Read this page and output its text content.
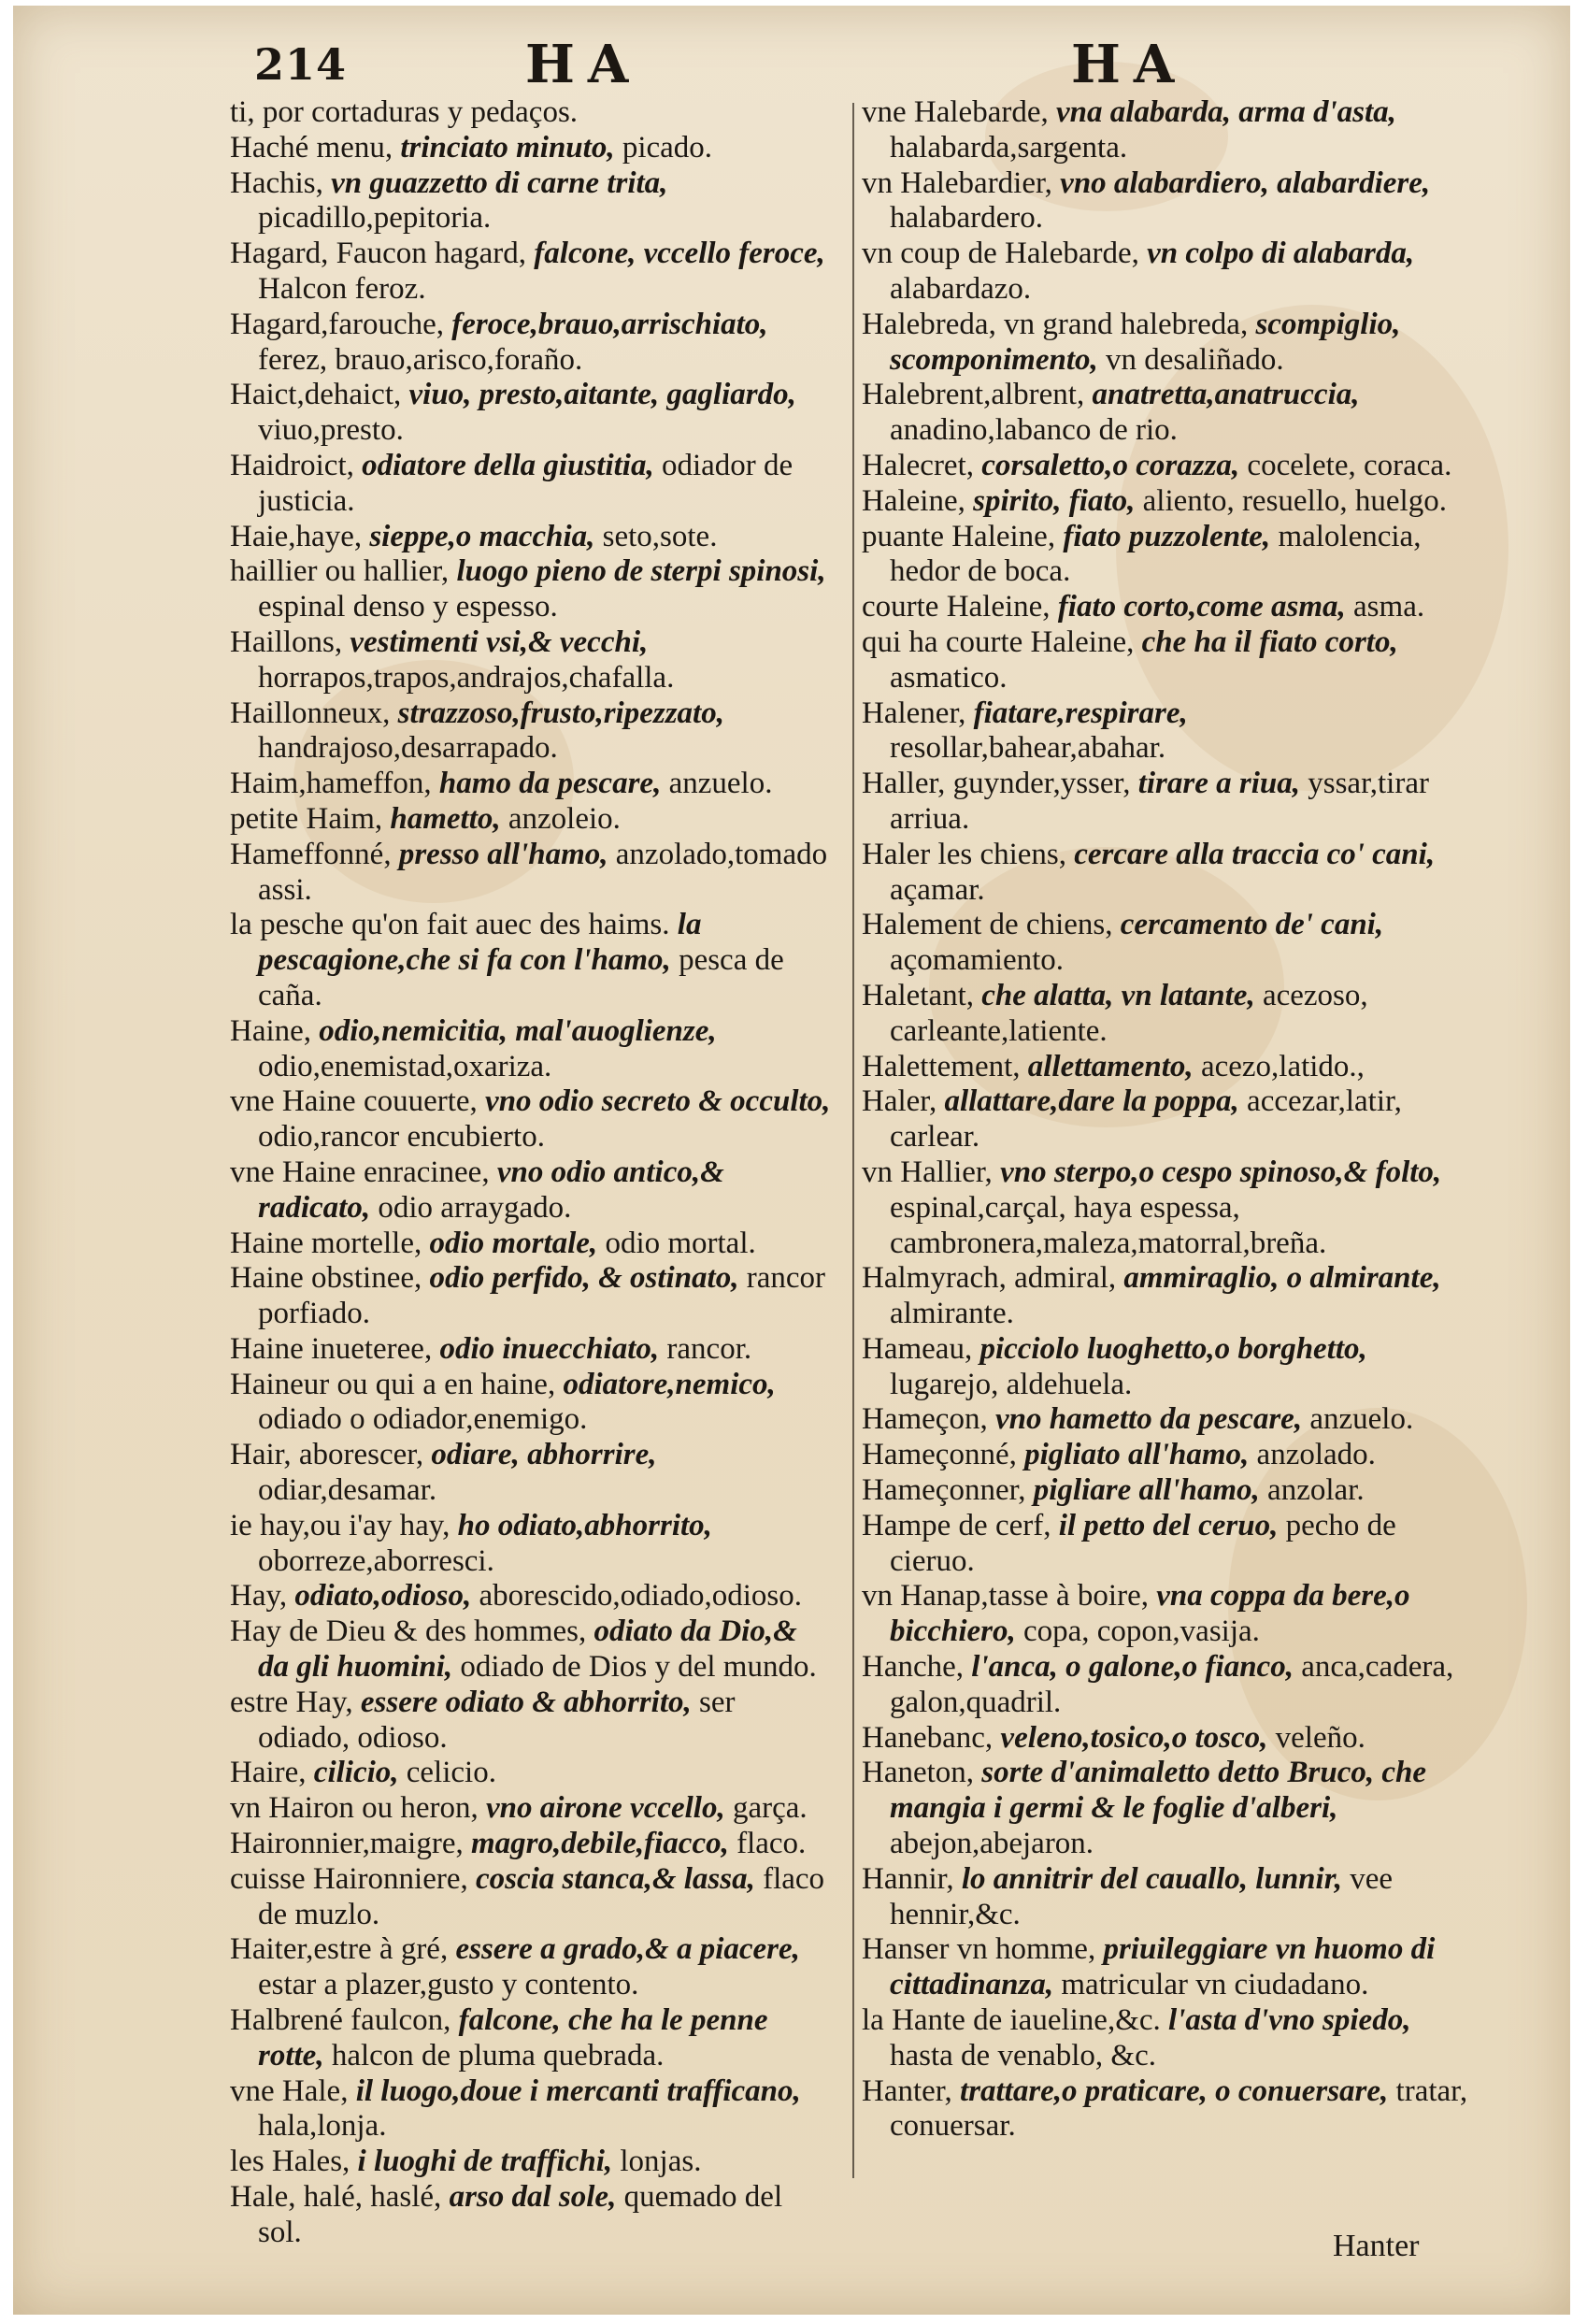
214	HA	HA

ti, por cortaduras y pedaços.

Haché menu, trinciato minuto, picado.

Hachis, vn guazzetto di carne trita, picadillo,pepitoria.

Hagard, Faucon hagard, falcone, vccello feroce, Halcon feroz.

Hagard,farouche, feroce,brauo,arrischiato, ferez, brauo,arisco,foraño.

Haict,dehaict, viuo, presto,aitante, gagliardo, viuo,presto.

Haidroict, odiatore della giustitia, odiador de justicia.

Haie,haye, sieppe,o macchia, seto,sote.

haillier ou hallier, luogo pieno de sterpi spinosi, espinal denso y espesso.

Haillons, vestimenti vsi,& vecchi, horrapos,trapos,andrajos,chafalla.

Haillonneux, strazzoso,frusto,ripezzato, handrajoso,desarrapado.

Haim,hameffon, hamo da pescare, anzuelo.

petite Haim, hametto, anzoleio.

Hameffonné, presso all'hamo, anzolado,tomado assi.

la pesche qu'on fait auec des haims. la pescagione,che si fa con l'hamo, pesca de caña.

Haine, odio,nemicitia, mal'auoglienze, odio,enemistad,oxariza.

vne Haine couuerte, vno odio secreto & occulto, odio,rancor encubierto.

vne Haine enracinee, vno odio antico,& radicato, odio arraygado.

Haine mortelle, odio mortale, odio mortal.

Haine obstinee, odio perfido, & ostinato, rancor porfiado.

Haine inueteree, odio inuecchiato, rancor.

Haineur ou qui a en haine, odiatore,nemico, odiado o odiador,enemigo.

Hair, aborescer, odiare, abhorrire, odiar,desamar.

ie hay,ou i'ay hay, ho odiato,abhorrito, oborreze,aborresci.

Hay, odiato,odioso, aborescido,odiado,odioso.

Hay de Dieu & des hommes, odiato da Dio,& da gli huomini, odiado de Dios y del mundo.

estre Hay, essere odiato & abhorrito, ser odiado, odioso.

Haire, cilicio, celicio.

vn Hairon ou heron, vno airone vccello, garça.

Haironnier,maigre, magro,debile,fiacco, flaco.

cuisse Haironniere, coscia stanca,& lassa, flaco de muzlo.

Haiter,estre à gré, essere a grado,& a piacere, estar a plazer,gusto y contento.

Halbrené faulcon, falcone, che ha le penne rotte, halcon de pluma quebrada.

vne Hale, il luogo,doue i mercanti trafficano, hala,lonja.

les Hales, i luoghi de traffichi, lonjas.

Hale, halé, haslé, arso dal sole, quemado del sol.

vne Halebarde, vna alabarda, arma d'asta, halabarda,sargenta.

vn Halebardier, vno alabardiero, alabardiere, halabardero.

vn coup de Halebarde, vn colpo di alabarda, alabardazo.

Halebreda, vn grand halebreda, scompiglio, scomponimento, vn desaliñado.

Halebrent,albrent, anatretta,anatruccia, anadino,labanco de rio.

Halecret, corsaletto,o corazza, cocelete, coraca.

Haleine, spirito, fiato, aliento, resuello, huelgo.

puante Haleine, fiato puzzolente, malolencia, hedor de boca.

courte Haleine, fiato corto,come asma, asma.

qui ha courte Haleine, che ha il fiato corto, asmatico.

Halener, fiatare,respirare, resollar,bahear,abahar.

Haller, guynder,ysser, tirare a riua, yssar,tirar arriua.

Haler les chiens, cercare alla traccia co' cani, açamar.

Halement de chiens, cercamento de' cani, açomamiento.

Haletant, che alatta, vn latante, acezoso, carleante,latiente.

Halettement, allettamento, acezo,latido.,

Haler, allattare,dare la poppa, accezar,latir, carlear.

vn Hallier, vno sterpo,o cespo spinoso,& folto, espinal,carçal, haya espessa, cambronera,maleza,matorral,breña.

Halmyrach, admiral, ammiraglio, o almirante, almirante.

Hameau, picciolo luoghetto,o borghetto, lugarejo, aldehuela.

Hameçon, vno hametto da pescare, anzuelo.

Hameçonné, pigliato all'hamo, anzolado.

Hameçonner, pigliare all'hamo, anzolar.

Hampe de cerf, il petto del ceruo, pecho de cieruo.

vn Hanap,tasse à boire, vna coppa da bere,o bicchiero, copa, copon,vasija.

Hanche, l'anca, o galone,o fianco, anca,cadera, galon,quadril.

Hanebanc, veleno,tosico,o tosco, veleño.

Haneton, sorte d'animaletto detto Bruco, che mangia i germi & le foglie d'alberi, abejon,abejaron.

Hannir, lo annitrir del cauallo, lunnir, vee hennir,&c.

Hanser vn homme, priuileggiare vn huomo di cittadinanza, matricular vn ciudadano.

la Hante de iaueline,&c. l'asta d'vno spiedo, hasta de venablo, &c.

Hanter, trattare,o praticare, o conuersare, tratar, conuersar.

Hanter
